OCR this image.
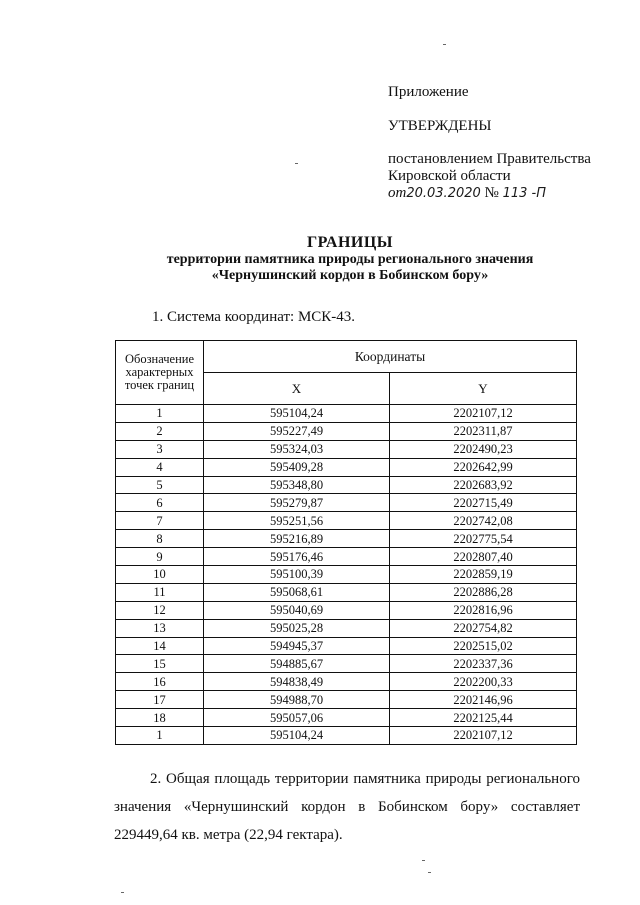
Приложение
УТВЕРЖДЕНЫ
постановлением Правительства
Кировской области
от20.03.2020 № 113 -П
ГРАНИЦЫ
территории памятника природы регионального значения
«Чернушинский кордон в Бобинском бору»
1. Система координат: МСК-43.
Обозначение характерных точек границ	Координаты	
	X	Y
1	595104,24	2202107,12
2	595227,49	2202311,87
3	595324,03	2202490,23
4	595409,28	2202642,99
5	595348,80	2202683,92
6	595279,87	2202715,49
7	595251,56	2202742,08
8	595216,89	2202775,54
9	595176,46	2202807,40
10	595100,39	2202859,19
11	595068,61	2202886,28
12	595040,69	2202816,96
13	595025,28	2202754,82
14	594945,37	2202515,02
15	594885,67	2202337,36
16	594838,49	2202200,33
17	594988,70	2202146,96
18	595057,06	2202125,44
1	595104,24	2202107,12
2. Общая площадь территории памятника природы регионального значения «Чернушинский кордон в Бобинском бору» составляет 229449,64 кв. метра (22,94 гектара).
